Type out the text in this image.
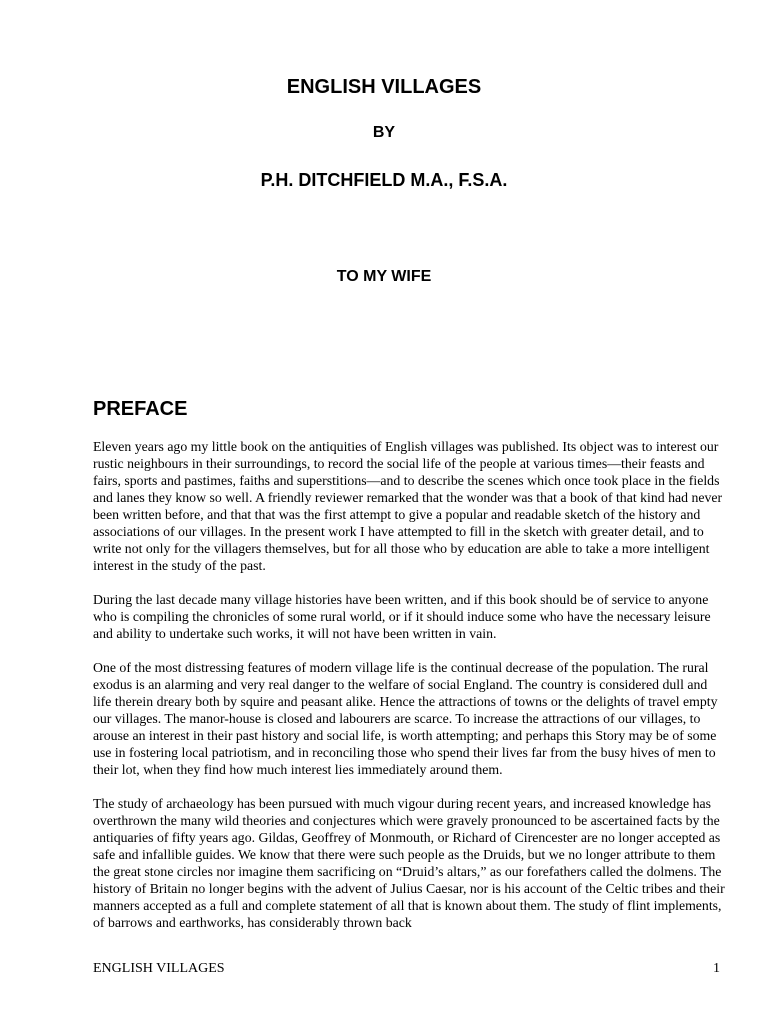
ENGLISH VILLAGES
BY
P.H. DITCHFIELD M.A., F.S.A.
TO MY WIFE
PREFACE

Eleven years ago my little book on the antiquities of English villages was published. Its object was to interest our rustic neighbours in their surroundings, to record the social life of the people at various times—their feasts and fairs, sports and pastimes, faiths and superstitions—and to describe the scenes which once took place in the fields and lanes they know so well. A friendly reviewer remarked that the wonder was that a book of that kind had never been written before, and that that was the first attempt to give a popular and readable sketch of the history and associations of our villages. In the present work I have attempted to fill in the sketch with greater detail, and to write not only for the villagers themselves, but for all those who by education are able to take a more intelligent interest in the study of the past.

During the last decade many village histories have been written, and if this book should be of service to anyone who is compiling the chronicles of some rural world, or if it should induce some who have the necessary leisure and ability to undertake such works, it will not have been written in vain.

One of the most distressing features of modern village life is the continual decrease of the population. The rural exodus is an alarming and very real danger to the welfare of social England. The country is considered dull and life therein dreary both by squire and peasant alike. Hence the attractions of towns or the delights of travel empty our villages. The manor-house is closed and labourers are scarce. To increase the attractions of our villages, to arouse an interest in their past history and social life, is worth attempting; and perhaps this Story may be of some use in fostering local patriotism, and in reconciling those who spend their lives far from the busy hives of men to their lot, when they find how much interest lies immediately around them.

The study of archaeology has been pursued with much vigour during recent years, and increased knowledge has overthrown the many wild theories and conjectures which were gravely pronounced to be ascertained facts by the antiquaries of fifty years ago. Gildas, Geoffrey of Monmouth, or Richard of Cirencester are no longer accepted as safe and infallible guides. We know that there were such people as the Druids, but we no longer attribute to them the great stone circles nor imagine them sacrificing on “Druid’s altars,” as our forefathers called the dolmens. The history of Britain no longer begins with the advent of Julius Caesar, nor is his account of the Celtic tribes and their manners accepted as a full and complete statement of all that is known about them. The study of flint implements, of barrows and earthworks, has considerably thrown back

ENGLISH VILLAGES	1
